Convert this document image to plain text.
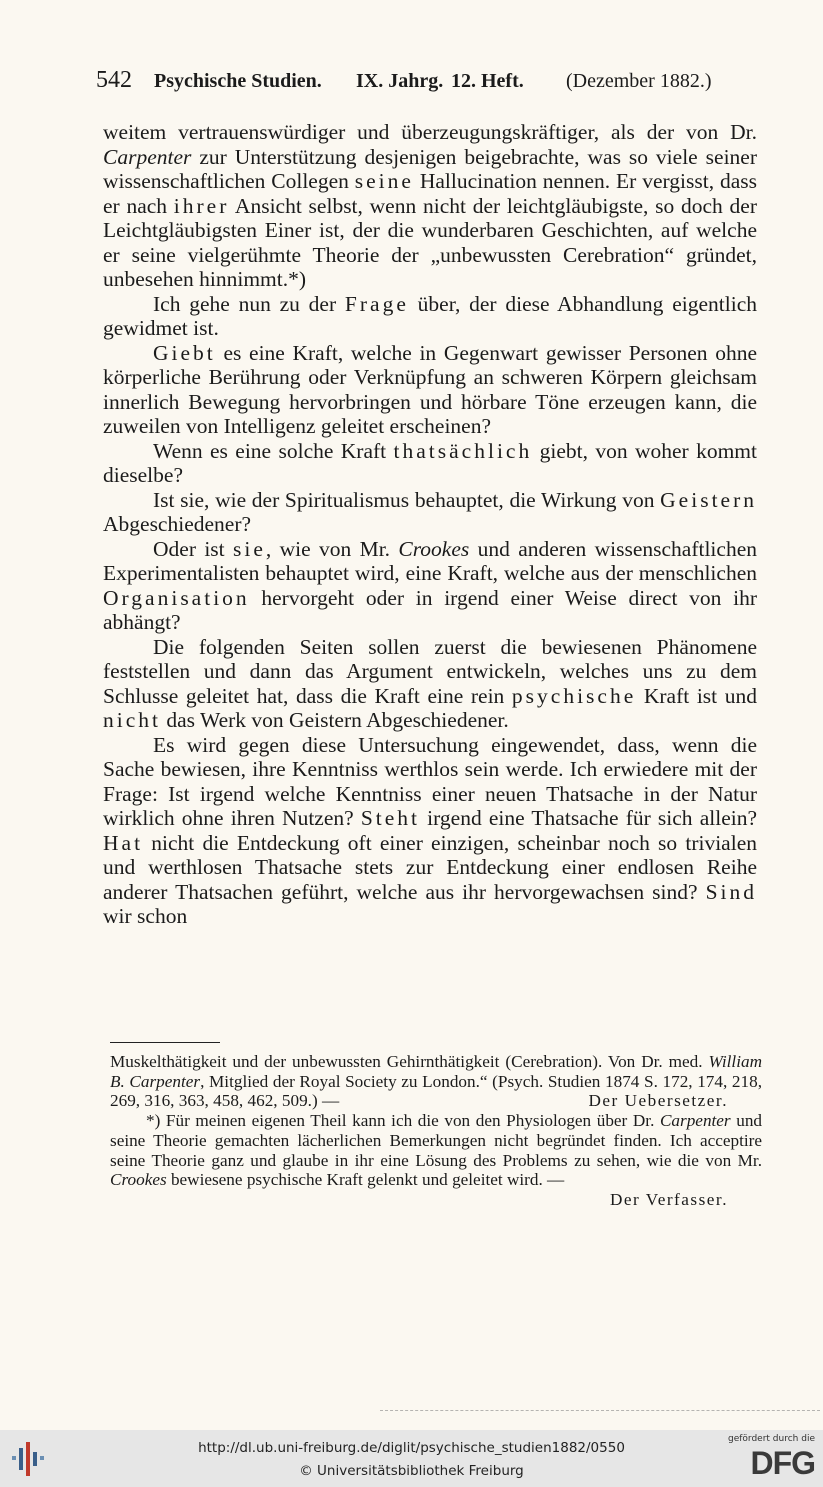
542 Psychische Studien. IX. Jahrg. 12. Heft. (Dezember 1882.)

weitem vertrauenswürdiger und überzeugungskräftiger, als der von Dr. Carpenter zur Unterstützung desjenigen beigebrachte, was so viele seiner wissenschaftlichen Collegen seine Hallucination nennen. Er vergisst, dass er nach ihrer Ansicht selbst, wenn nicht der leichtgläubigste, so doch der Leichtgläubigsten Einer ist, der die wunderbaren Geschichten, auf welche er seine vielgerühmte Theorie der „unbewussten Cerebration“ gründet, unbesehen hinnimmt.*)

Ich gehe nun zu der Frage über, der diese Abhandlung eigentlich gewidmet ist.

Giebt es eine Kraft, welche in Gegenwart gewisser Personen ohne körperliche Berührung oder Verknüpfung an schweren Körpern gleichsam innerlich Bewegung hervorbringen und hörbare Töne erzeugen kann, die zuweilen von Intelligenz geleitet erscheinen?

Wenn es eine solche Kraft thatsächlich giebt, von woher kommt dieselbe?

Ist sie, wie der Spiritualismus behauptet, die Wirkung von Geistern Abgeschiedener?

Oder ist sie, wie von Mr. Crookes und anderen wissenschaftlichen Experimentalisten behauptet wird, eine Kraft, welche aus der menschlichen Organisation hervorgeht oder in irgend einer Weise direct von ihr abhängt?

Die folgenden Seiten sollen zuerst die bewiesenen Phänomene feststellen und dann das Argument entwickeln, welches uns zu dem Schlusse geleitet hat, dass die Kraft eine rein psychische Kraft ist und nicht das Werk von Geistern Abgeschiedener.

Es wird gegen diese Untersuchung eingewendet, dass, wenn die Sache bewiesen, ihre Kenntniss werthlos sein werde. Ich erwiedere mit der Frage: Ist irgend welche Kenntniss einer neuen Thatsache in der Natur wirklich ohne ihren Nutzen? Steht irgend eine Thatsache für sich allein? Hat nicht die Entdeckung oft einer einzigen, scheinbar noch so trivialen und werthlosen Thatsache stets zur Entdeckung einer endlosen Reihe anderer Thatsachen geführt, welche aus ihr hervorgewachsen sind? Sind wir schon

Muskelthätigkeit und der unbewussten Gehirnthätigkeit (Cerebration). Von Dr. med. William B. Carpenter, Mitglied der Royal Society zu London.“ (Psych. Studien 1874 S. 172, 174, 218, 269, 316, 363, 458, 462, 509.) —	Der Uebersetzer.

*) Für meinen eigenen Theil kann ich die von den Physiologen über Dr. Carpenter und seine Theorie gemachten lächerlichen Bemerkungen nicht begründet finden. Ich acceptire seine Theorie ganz und glaube in ihr eine Lösung des Problems zu sehen, wie die von Mr. Crookes bewiesene psychische Kraft gelenkt und geleitet wird. —

Der Verfasser.

http://dl.ub.uni-freiburg.de/diglit/psychische_studien1882/0550
© Universitätsbibliothek Freiburg
gefördert durch die
DFG
